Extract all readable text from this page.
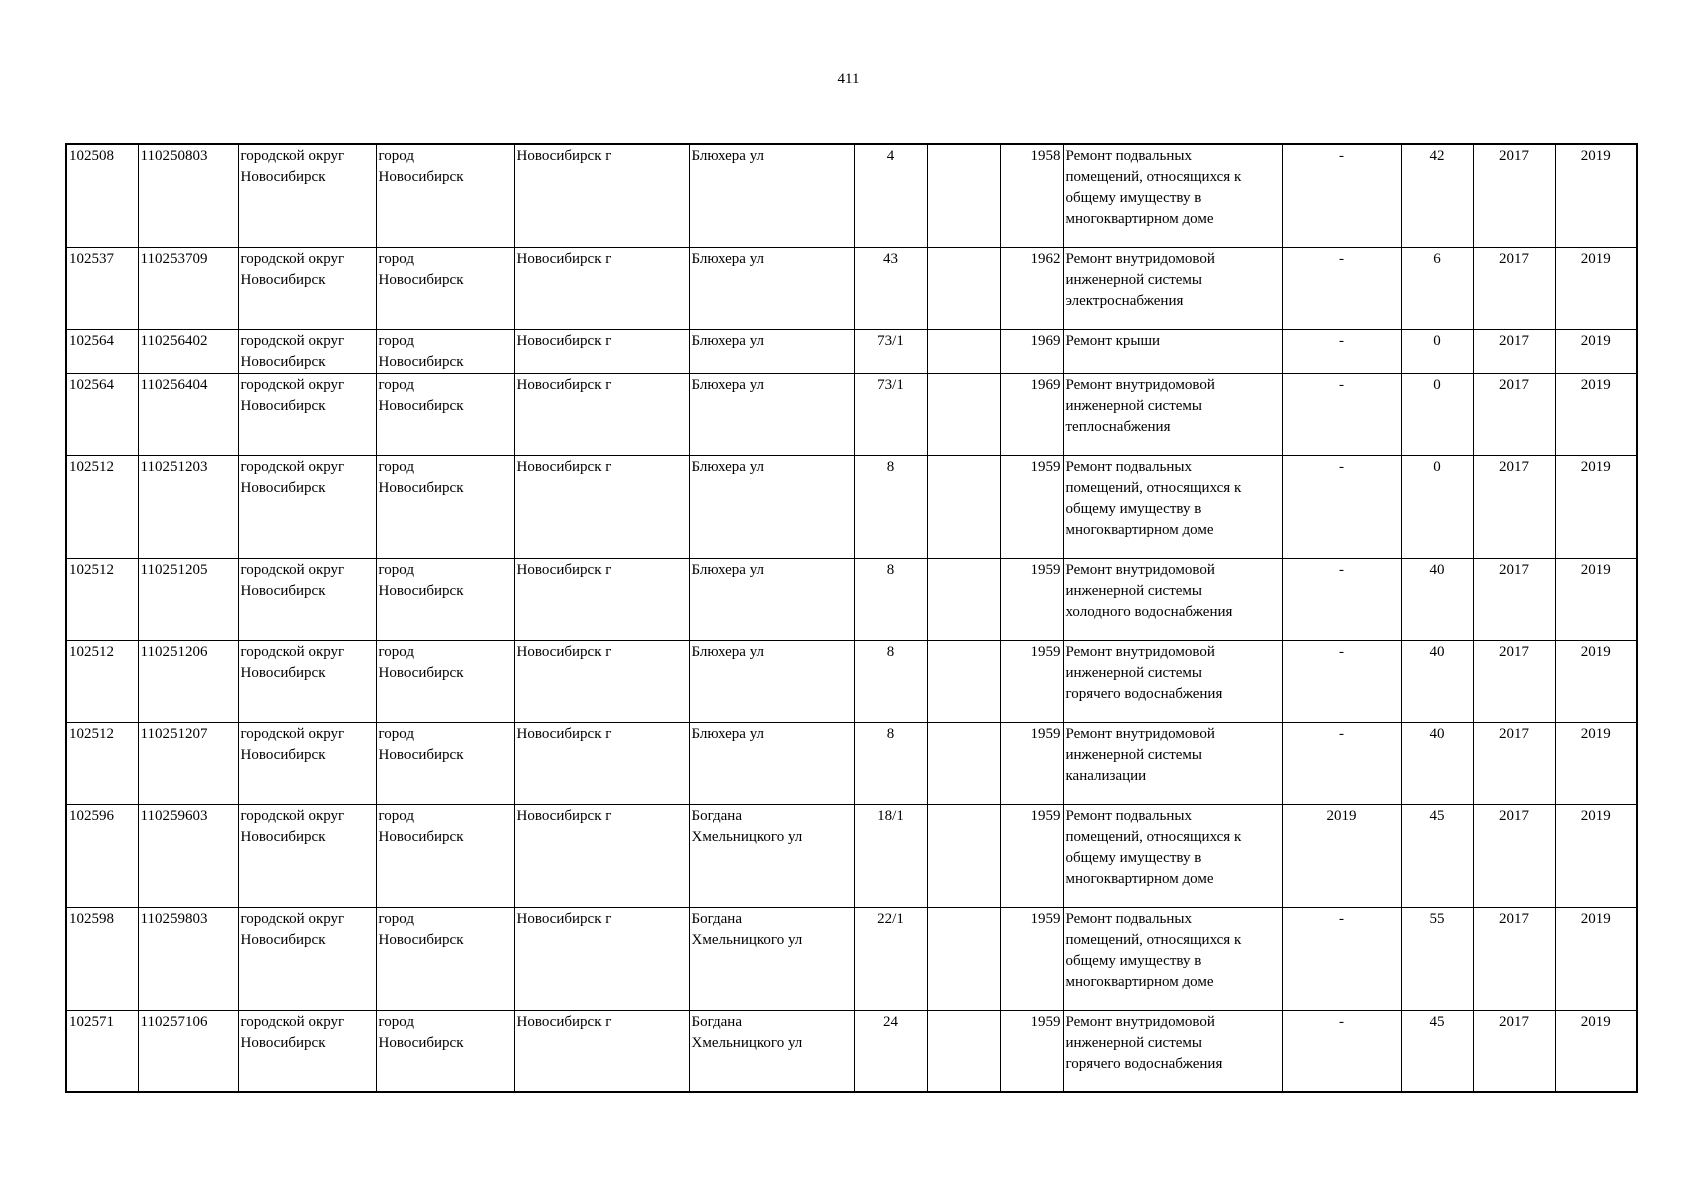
411
102508	110250803	городской округ
Новосибирск	город
Новосибирск	Новосибирск г	Блюхера ул	4		1958	Ремонт подвальных
помещений, относящихся к
общему имуществу в
многоквартирном доме	-	42	2017	2019
102537	110253709	городской округ
Новосибирск	город
Новосибирск	Новосибирск г	Блюхера ул	43		1962	Ремонт внутридомовой
инженерной системы
электроснабжения	-	6	2017	2019
102564	110256402	городской округ
Новосибирск	город
Новосибирск	Новосибирск г	Блюхера ул	73/1		1969	Ремонт крыши	-	0	2017	2019
102564	110256404	городской округ
Новосибирск	город
Новосибирск	Новосибирск г	Блюхера ул	73/1		1969	Ремонт внутридомовой
инженерной системы
теплоснабжения	-	0	2017	2019
102512	110251203	городской округ
Новосибирск	город
Новосибирск	Новосибирск г	Блюхера ул	8		1959	Ремонт подвальных
помещений, относящихся к
общему имуществу в
многоквартирном доме	-	0	2017	2019
102512	110251205	городской округ
Новосибирск	город
Новосибирск	Новосибирск г	Блюхера ул	8		1959	Ремонт внутридомовой
инженерной системы
холодного водоснабжения	-	40	2017	2019
102512	110251206	городской округ
Новосибирск	город
Новосибирск	Новосибирск г	Блюхера ул	8		1959	Ремонт внутридомовой
инженерной системы
горячего водоснабжения	-	40	2017	2019
102512	110251207	городской округ
Новосибирск	город
Новосибирск	Новосибирск г	Блюхера ул	8		1959	Ремонт внутридомовой
инженерной системы
канализации	-	40	2017	2019
102596	110259603	городской округ
Новосибирск	город
Новосибирск	Новосибирск г	Богдана
Хмельницкого ул	18/1		1959	Ремонт подвальных
помещений, относящихся к
общему имуществу в
многоквартирном доме	2019	45	2017	2019
102598	110259803	городской округ
Новосибирск	город
Новосибирск	Новосибирск г	Богдана
Хмельницкого ул	22/1		1959	Ремонт подвальных
помещений, относящихся к
общему имуществу в
многоквартирном доме	-	55	2017	2019
102571	110257106	городской округ
Новосибирск	город
Новосибирск	Новосибирск г	Богдана
Хмельницкого ул	24		1959	Ремонт внутридомовой
инженерной системы
горячего водоснабжения	-	45	2017	2019
